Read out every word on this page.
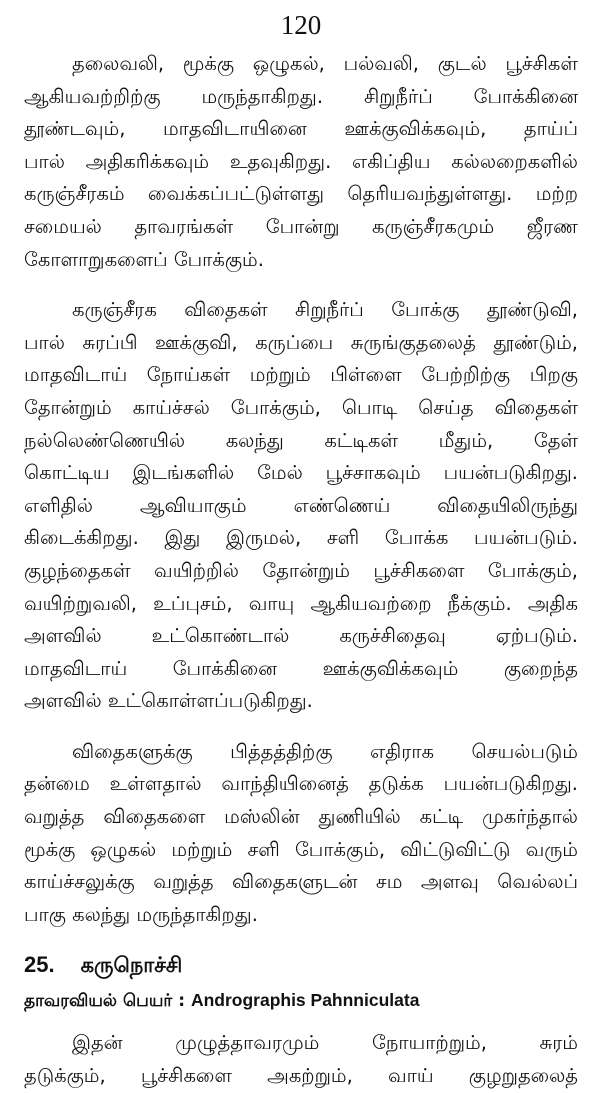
120
தலைவலி, மூக்கு ஒழுகல், பல்வலி, குடல் பூச்சிகள்
ஆகியவற்றிற்கு மருந்தாகிறது. சிறுநீர்ப் போக்கினை
தூண்டவும், மாதவிடாயினை ஊக்குவிக்கவும், தாய்ப்
பால் அதிகரிக்கவும் உதவுகிறது. எகிப்திய கல்லறைகளில்
கருஞ்சீரகம் வைக்கப்பட்டுள்ளது தெரியவந்துள்ளது. மற்ற
சமையல் தாவரங்கள் போன்று கருஞ்சீரகமும் ஜீரண
கோளாறுகளைப் போக்கும்.
கருஞ்சீரக விதைகள் சிறுநீர்ப் போக்கு தூண்டுவி,
பால் சுரப்பி ஊக்குவி, கருப்பை சுருங்குதலைத் தூண்டும்,
மாதவிடாய் நோய்கள் மற்றும் பிள்ளை பேற்றிற்கு பிறகு
தோன்றும் காய்ச்சல் போக்கும், பொடி செய்த விதைகள்
நல்லெண்ணெயில் கலந்து கட்டிகள் மீதும், தேள்
கொட்டிய இடங்களில் மேல் பூச்சாகவும் பயன்படுகிறது.
எளிதில் ஆவியாகும் எண்ணெய் விதையிலிருந்து
கிடைக்கிறது. இது இருமல், சளி போக்க பயன்படும்.
குழந்தைகள் வயிற்றில் தோன்றும் பூச்சிகளை போக்கும்,
வயிற்றுவலி, உப்புசம், வாயு ஆகியவற்றை நீக்கும். அதிக
அளவில் உட்கொண்டால் கருச்சிதைவு ஏற்படும்.
மாதவிடாய் போக்கினை ஊக்குவிக்கவும் குறைந்த
அளவில் உட்கொள்ளப்படுகிறது.
விதைகளுக்கு பித்தத்திற்கு எதிராக செயல்படும்
தன்மை உள்ளதால் வாந்தியினைத் தடுக்க பயன்படுகிறது.
வறுத்த விதைகளை மஸ்லின் துணியில் கட்டி முகர்ந்தால்
மூக்கு ஒழுகல் மற்றும் சளி போக்கும், விட்டுவிட்டு வரும்
காய்ச்சலுக்கு வறுத்த விதைகளுடன் சம அளவு வெல்லப்
பாகு கலந்து மருந்தாகிறது.
25. கருநொச்சி
தாவரவியல் பெயர் : Andrographis Pahnniculata
இதன் முழுத்தாவரமும் நோயாற்றும், சுரம்
தடுக்கும், பூச்சிகளை அகற்றும், வாய் குழறுதலைத்
